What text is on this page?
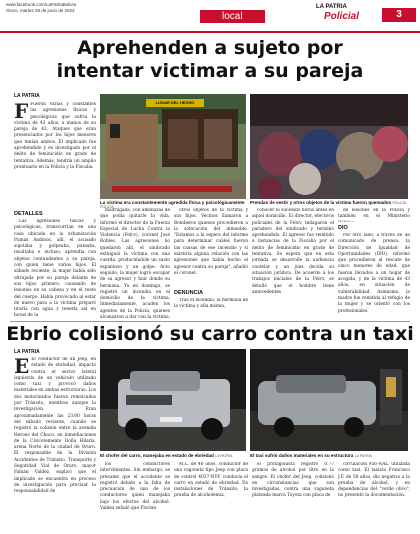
www.facebook.com/LaPatriaBolivia
Oruro, martes 28 de junio de 2022
local
LA PATRIA
Policial	3
Aprehenden a sujeto por
intentar victimar a su pareja
LA PATRIA
F Fueron varias y constantes las agresiones físicas y psicológicas que sufría la víctima de 43 años, a manos de su pareja de 42. Ataques que eran presenciados por los hijos menores que tenían ambos. El implicado fue aprehendido y es investigado por el delito de feminicidio en grado de tentativa. Además, tendría un amplio prontuario en la Policía y la Fiscalía.
LUGAR DEL HECHO
La víctima era constantemente agredida física y psicológicamente
POLICÍA
Prendas de vestir y otros objetos de la víctima fueron quemados POLICÍA
DETALLES

Las agresiones físicas y psicológicas, transcurrían en una casa ubicada en la urbanización Pumas Andinos, allí, el acusado sujetaba y golpeaba, pateaba, insultaba e incluso, aprendía con objetos contundentes a su pareja, con quien tiene varios hijos. El sábado reciente, la mujer había sido ultrajada por su pareja delante de sus hijos primero, causando de lesiones en su cabeza y en el resto del cuerpo. Había provocado al estar de nuevo para a la víctima preparó tirarla con agua y tenerla así en horas de la

madrugada, con amenazas de que podía quitarle la vida, informó el director de la Fuerza Especial de Lucha Contra la Violencia (Felcv), coronel José Robles. Las agresiones no quedaron allí, el sindicado extinguió la víctima con una cuerda, produciéndole un susto espantoso y un golpe. Acto seguido, la mujer logró escapar de su agresor y huir donde su hermana. Ya en domingo, se registró un incendio en el domicilio de la víctima. Inmediatamente, acuden los agentes de la Policía, quienes alcanzaron a dar con la víctima.

otros objetos de la víctima y sus hijos. Vecinos llamaron a Bomberos quienes procedieron a la sofocación del inmueble. "Estamos a la espera del informe para determinar cuáles fueron las causas de ese incendio y si existiría alguna relación con las agresiones que había hecho el agresor contra su pareja", añadió el coronel.

DENUNCIA

Tras el incendio, la hermana de la víctima y ella misma,

conocer lo sucedido horas antes en aquel domicilio. El director, efectivos policiales de la Felcv, indagaron el paradero del sindicado y terminó aprehendido. El agresor fue remitido a instancias de la Fiscalía por el delito de feminicidio en grado de tentativa. Se espera que en esta jornada se desarrolle la audiencia cautelar y un juez decida su situación jurídica. De acuerdo a los trabajos iniciales de la Felcv, se detalló que el hombre tiene antecedentes

de lesiones en la Policía y también en el Ministerio

DIO

Por otro lado, a través de un comunicado de prensa, la Dirección de Igualdad de Oportunidades (DIO), informó que procedieron al rescate de cinco menores de edad, que fueron llevados a un hogar de acogida, y de la víctima de 43 años, en situación de vulnerabilidad. Asimismo, la madre fue remitida al refugio de la mujer y se orientó con los profesionales.

Ebrio colisionó su carro contra un taxi
LA PATRIA
E El conductor de un Jeep, en estado de ebriedad, impactó contra el sector lateral izquierdo de un vehículo utilizado como taxi y provocó daños materiales en ambas estructuras. Los dos motorizados fueron remolcados por Tránsito, mientras aunque la investigación. Eran aproximadamente las 23:00 horas del sábado reciente, cuando se registró la colisión entre la avenida Heroes del Chaco, en inmediaciones de la Cívicotemente Doña Hilaria, arena Norte de la ciudad de Oruro. El responsable de la División Accidentes de Tránsito, Transporte y Seguridad Vial de Oruro, mayor Fabián Valdez, explicó que el implicado se encuentra en proceso de investigación para precisar la responsabilidad de
El chofer del carro, manejaba en estado de ebriedad LA PATRIA	El taxi sufrió daños materiales en su estructura LA PATRIA

los conductores intervinientes. Sin embargo, se presume que el accidente se registró debido a la falta de precaución de uno de los conductores quien manejaba bajo los efectos del alcohol. Valdez señaló que Florián

M.L. de 40 años, conductor de una vagoneta tipo Jeep con placa de control 4037-NYF, conducía el carro en estado de ebriedad. En instalaciones de Tránsito, la prueba de alcoholemia,

el protagonista registró 0.77 gramos de alcohol por litro en la sangre. El chofer del Jeep, colisionó en circunstancias que son investigadas, contra una vagoneta plateada marca Toyota con placa de

circulación 956-NAL, utilizada como taxi. El taxista Francisco J.F. de 58 años, dio negativo a la prueba de alcohol, y en dependencias del "verde olivo", no presentó la documentación.
